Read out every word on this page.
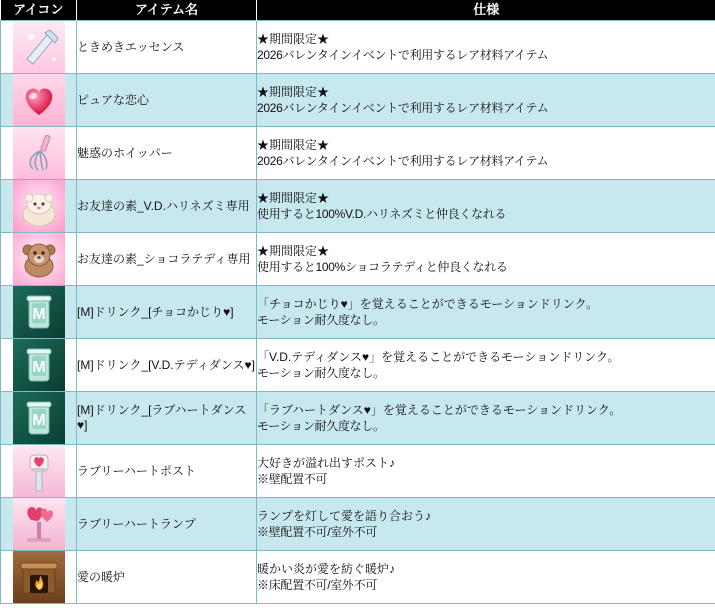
アイコン	アイテム名	仕様

	ときめきエッセンス	★期間限定★
2026バレンタインイベントで利用するレア材料アイテム

	ピュアな恋心	★期間限定★
2026バレンタインイベントで利用するレア材料アイテム

	魅惑のホイッパー	★期間限定★
2026バレンタインイベントで利用するレア材料アイテム

	お友達の素_V.D.ハリネズミ専用	★期間限定★
使用すると100%V.D.ハリネズミと仲良くなれる

	お友達の素_ショコラテディ専用	★期間限定★
使用すると100%ショコラテディと仲良くなれる

M	[M]ドリンク_[チョコかじり♥]	「チョコかじり♥」を覚えることができるモーションドリンク。
モーション耐久度なし。

M	[M]ドリンク_[V.D.テディダンス♥]	「V.D.テディダンス♥」を覚えることができるモーションドリンク。
モーション耐久度なし。

M	[M]ドリンク_[ラブハートダンス♥]	「ラブハートダンス♥」を覚えることができるモーションドリンク。
モーション耐久度なし。

	ラブリーハートポスト	大好きが溢れ出すポスト♪
※壁配置不可

	ラブリーハートランプ	ランプを灯して愛を語り合おう♪
※壁配置不可/室外不可

	愛の暖炉	暖かい炎が愛を紡ぐ暖炉♪
※床配置不可/室外不可
